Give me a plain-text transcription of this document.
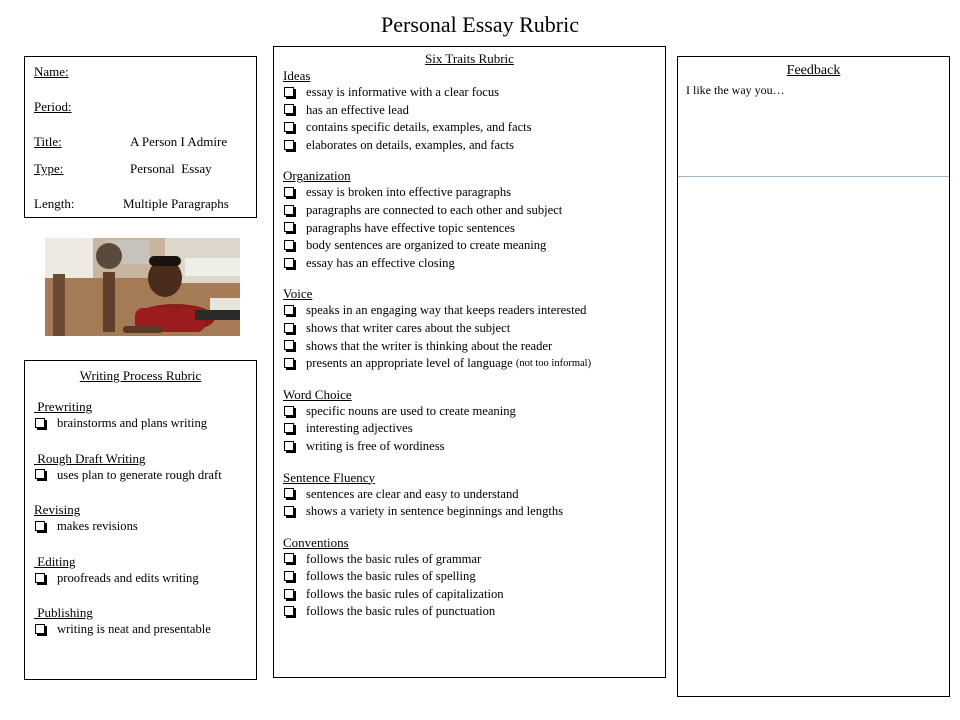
Personal Essay Rubric
Name:
Period:
Title:	A Person I Admire
Type:	Personal  Essay
Length:	Multiple Paragraphs
Writing Process Rubric
Prewriting
brainstorms and plans writing
Rough Draft Writing
uses plan to generate rough draft
Revising
makes revisions
Editing
proofreads and edits writing
Publishing
writing is neat and presentable
Six Traits Rubric
Ideas
essay is informative with a clear focus
has an effective lead
contains specific details, examples, and facts
elaborates on details, examples, and facts
Organization
essay is broken into effective paragraphs
paragraphs are connected to each other and subject
paragraphs have effective topic sentences
body sentences are organized to create meaning
essay has an effective closing
Voice
speaks in an engaging way that keeps readers interested
shows that writer cares about the subject
shows that the writer is thinking about the reader
presents an appropriate level of language
(not too informal)
Word Choice
specific nouns are used to create meaning
interesting adjectives
writing is free of wordiness
Sentence Fluency
sentences are clear and easy to understand
shows a variety in sentence beginnings and lengths
Conventions
follows the basic rules of grammar
follows the basic rules of spelling
follows the basic rules of capitalization
follows the basic rules of punctuation
Feedback
I like the way you…
